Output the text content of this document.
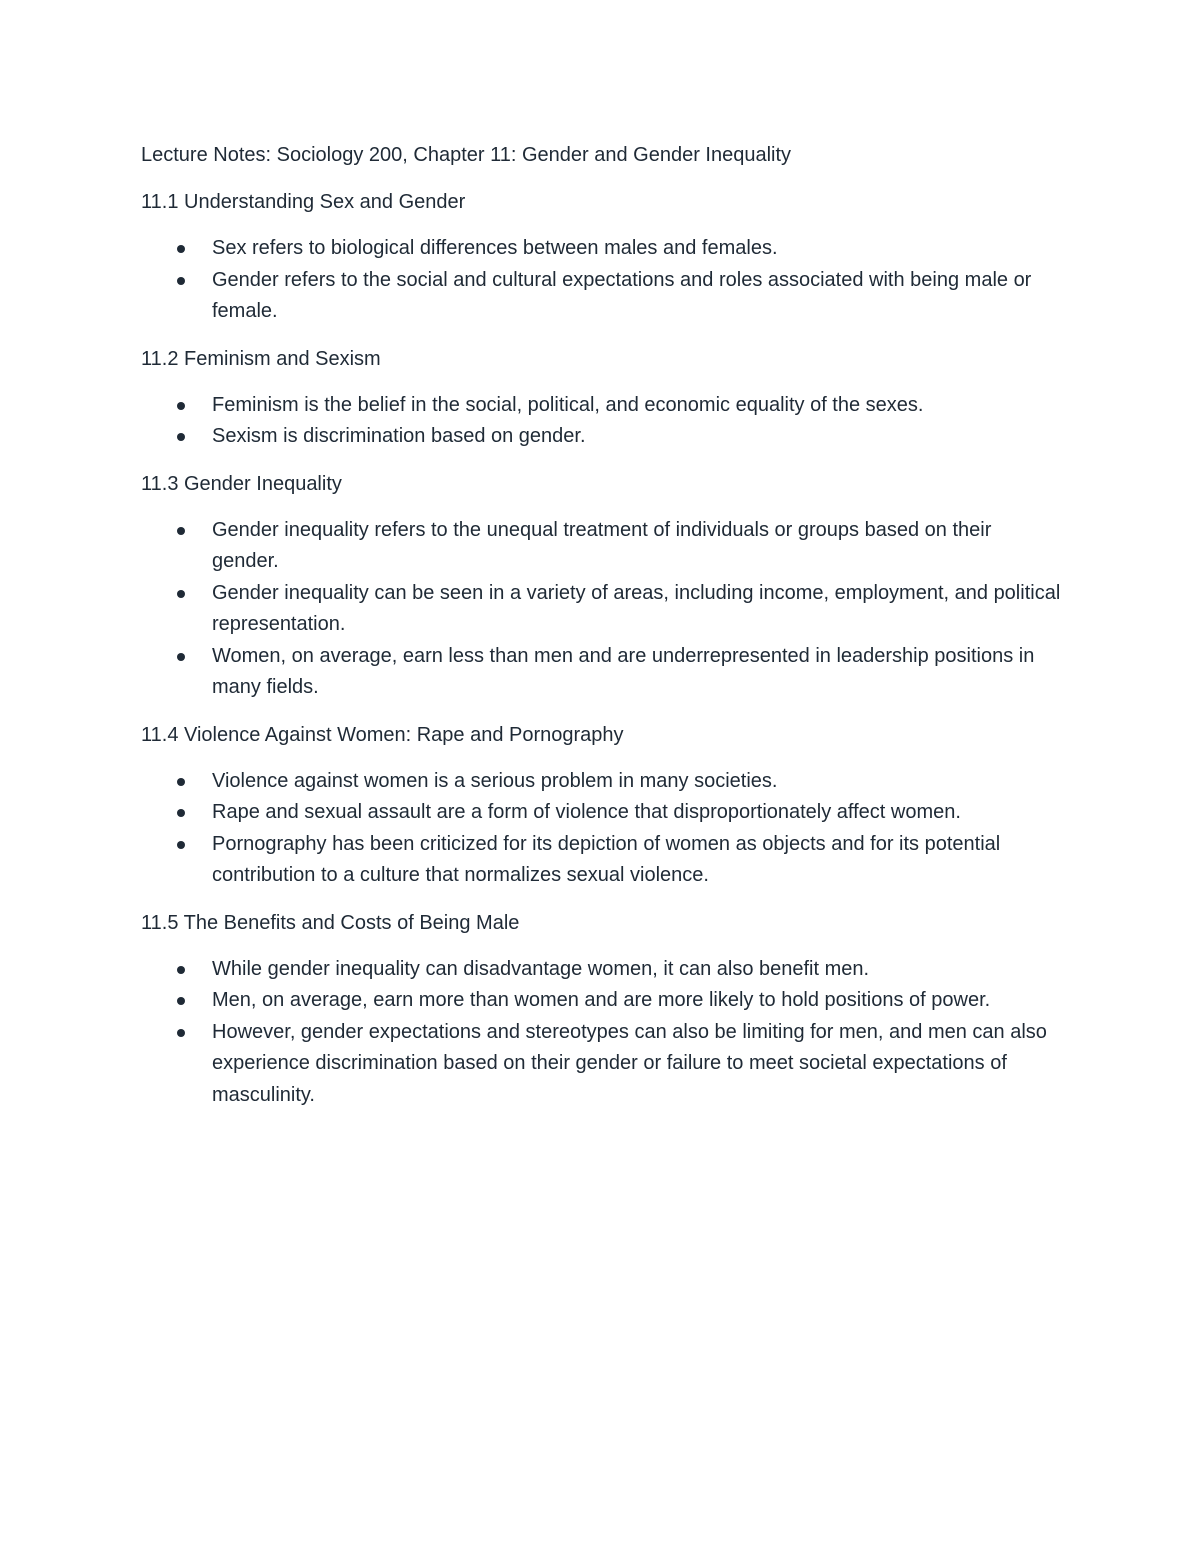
Lecture Notes: Sociology 200, Chapter 11: Gender and Gender Inequality

11.1 Understanding Sex and Gender

Sex refers to biological differences between males and females.
Gender refers to the social and cultural expectations and roles associated with being male or female.

11.2 Feminism and Sexism

Feminism is the belief in the social, political, and economic equality of the sexes.
Sexism is discrimination based on gender.

11.3 Gender Inequality

Gender inequality refers to the unequal treatment of individuals or groups based on their gender.
Gender inequality can be seen in a variety of areas, including income, employment, and political representation.
Women, on average, earn less than men and are underrepresented in leadership positions in many fields.

11.4 Violence Against Women: Rape and Pornography

Violence against women is a serious problem in many societies.
Rape and sexual assault are a form of violence that disproportionately affect women.
Pornography has been criticized for its depiction of women as objects and for its potential contribution to a culture that normalizes sexual violence.

11.5 The Benefits and Costs of Being Male

While gender inequality can disadvantage women, it can also benefit men.
Men, on average, earn more than women and are more likely to hold positions of power.
However, gender expectations and stereotypes can also be limiting for men, and men can also experience discrimination based on their gender or failure to meet societal expectations of masculinity.
